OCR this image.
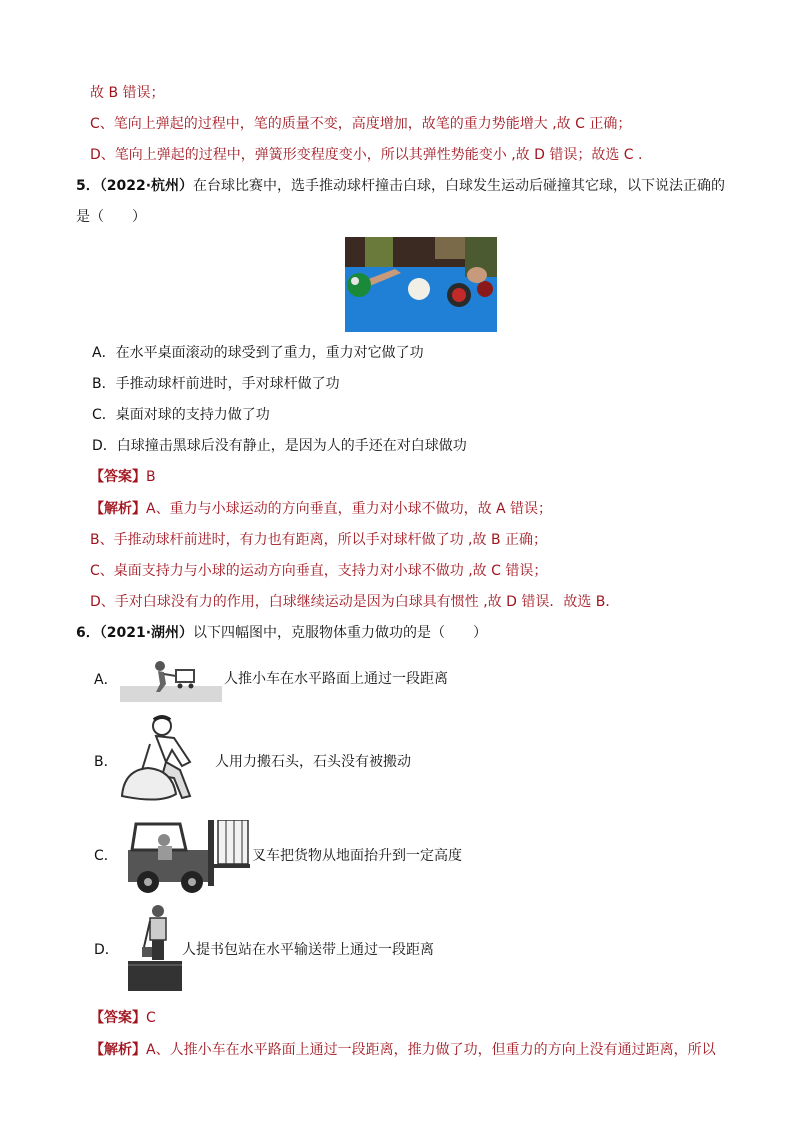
故 B 错误；
C、笔向上弹起的过程中，笔的质量不变，高度增加，故笔的重力势能增大 ,故 C 正确；
D、笔向上弹起的过程中，弹簧形变程度变小，所以其弹性势能变小 ,故 D 错误；故选 C .
5．（2022·杭州）在台球比赛中，选手推动球杆撞击白球，白球发生运动后碰撞其它球，以下说法正确的
是（　　）
A．在水平桌面滚动的球受到了重力，重力对它做了功
B．手推动球杆前进时，手对球杆做了功
C．桌面对球的支持力做了功
D．白球撞击黑球后没有静止，是因为人的手还在对白球做功
【答案】B
【解析】A、重力与小球运动的方向垂直，重力对小球不做功，故 A 错误；
B、手推动球杆前进时，有力也有距离，所以手对球杆做了功 ,故 B 正确；
C、桌面支持力与小球的运动方向垂直，支持力对小球不做功 ,故 C 错误；
D、手对白球没有力的作用，白球继续运动是因为白球具有惯性 ,故 D 错误．故选 B．
6．（2021·湖州）以下四幅图中，克服物体重力做功的是（　　）
A．	人推小车在水平路面上通过一段距离
B．	人用力搬石头，石头没有被搬动
C．	叉车把货物从地面抬升到一定高度
D．	人提书包站在水平输送带上通过一段距离
【答案】C
【解析】A、人推小车在水平路面上通过一段距离，推力做了功，但重力的方向上没有通过距离，所以
